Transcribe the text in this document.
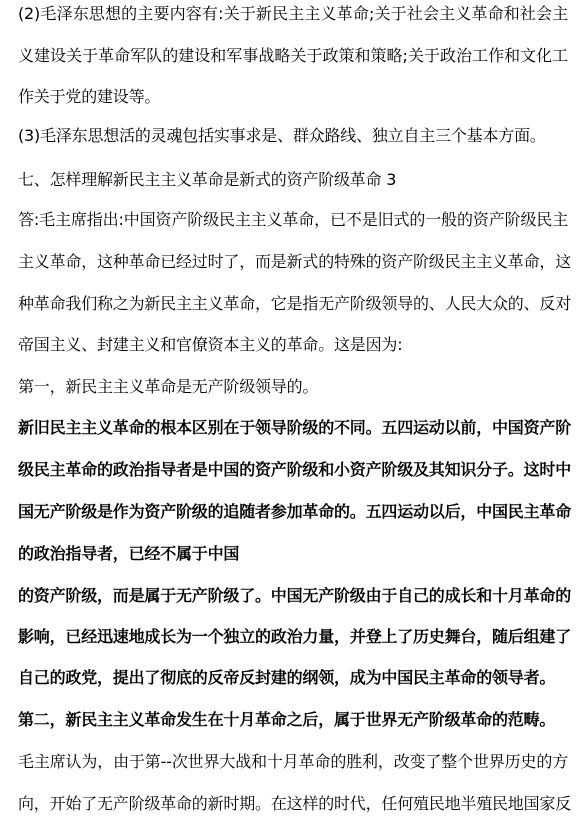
(2)毛泽东思想的主要内容有:关于新民主主义革命;关于社会主义革命和社会主
义建设关于革命军队的建设和军事战略关于政策和策略;关于政治工作和文化工
作关于党的建设等。
(3)毛泽东思想活的灵魂包括实事求是、群众路线、独立自主三个基本方面。
七、怎样理解新民主主义革命是新式的资产阶级革命 3
答:毛主席指出:中国资产阶级民主主义革命，已不是旧式的一般的资产阶级民主
主义革命，这种革命已经过时了，而是新式的特殊的资产阶级民主主义革命，这
种革命我们称之为新民主主义革命，它是指无产阶级领导的、人民大众的、反对
帝国主义、封建主义和官僚资本主义的革命。这是因为:
第一，新民主主义革命是无产阶级领导的。
新旧民主主义革命的根本区别在于领导阶级的不同。五四运动以前，中国资产阶
级民主革命的政治指导者是中国的资产阶级和小资产阶级及其知识分子。这时中
国无产阶级是作为资产阶级的追随者参加革命的。五四运动以后，中国民主革命
的政治指导者，已经不属于中国
的资产阶级，而是属于无产阶级了。中国无产阶级由于自己的成长和十月革命的
影响，已经迅速地成长为一个独立的政治力量，并登上了历史舞台，随后组建了
自己的政党，提出了彻底的反帝反封建的纲领，成为中国民主革命的领导者。
第二，新民主主义革命发生在十月革命之后，属于世界无产阶级革命的范畴。
毛主席认为，由于第--次世界大战和十月革命的胜利，改变了整个世界历史的方
向，开始了无产阶级革命的新时期。在这样的时代，任何殖民地半殖民地国家反
